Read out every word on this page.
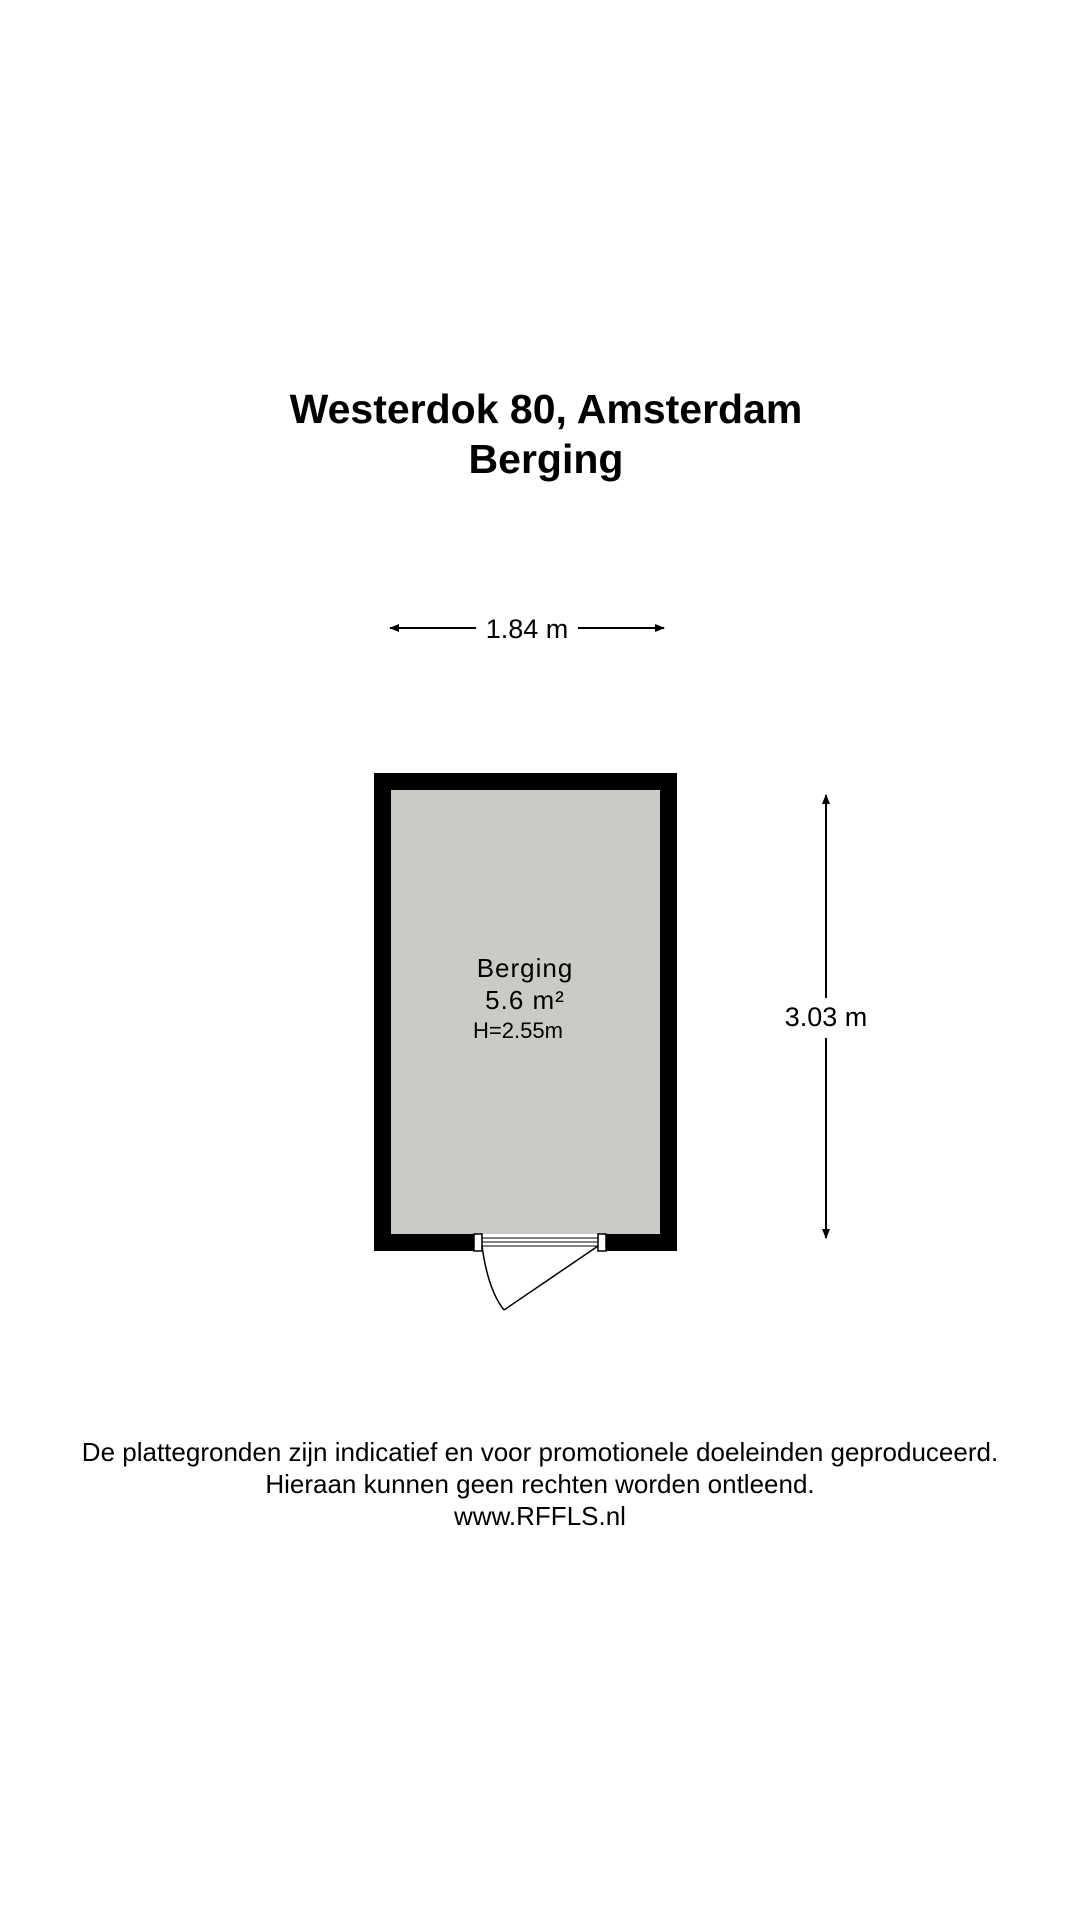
Westerdok 80, Amsterdam
Berging
1.84 m
Berging
5.6 m²
H=2.55m	3.03 m
De plattegronden zijn indicatief en voor promotionele doeleinden geproduceerd.
Hieraan kunnen geen rechten worden ontleend.
www.RFFLS.nl
